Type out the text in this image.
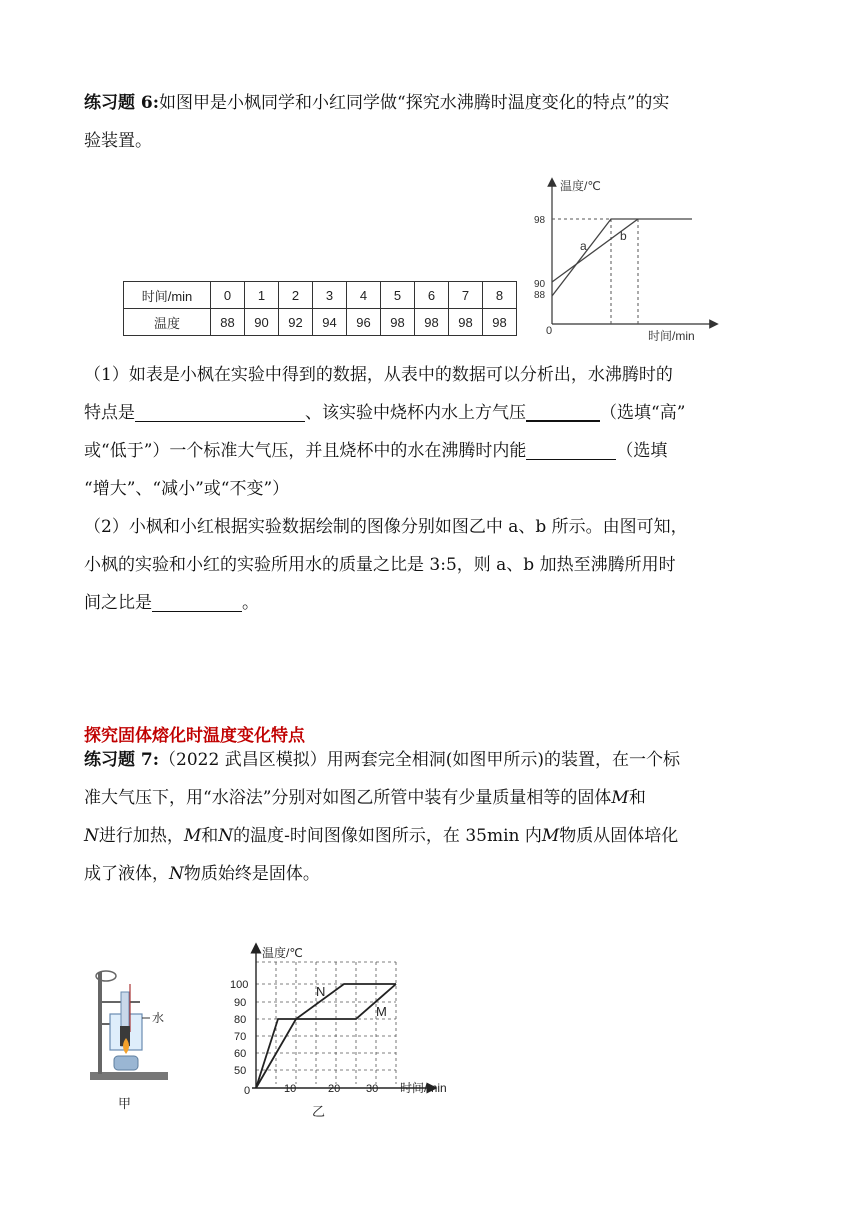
练习题 6:如图甲是小枫同学和小红同学做“探究水沸腾时温度变化的特点”的实
验装置。

时间/min	0	1	2	3	4	5	6	7	8
温度	88	90	92	94	96	98	98	98	98
温度/℃
时间/min
0
98
90
88
a
b

（1）如表是小枫在实验中得到的数据，从表中的数据可以分析出，水沸腾时的
特点是	、该实验中烧杯内水上方气压	（选填“高”
或“低于”）一个标准大气压，并且烧杯中的水在沸腾时内能	（选填
“增大”、“减小”或“不变”）

（2）小枫和小红根据实验数据绘制的图像分别如图乙中 a、b 所示。由图可知，
小枫的实验和小红的实验所用水的质量之比是 3:5，则 a、b 加热至沸腾所用时
间之比是	。

探究固体熔化时温度变化特点

练习题 7:（2022 武昌区模拟）用两套完全相洞(如图甲所示)的装置，在一个标
准大气压下，用“水浴法”分别对如图乙所管中装有少量质量相等的固体M和
N进行加热，M和N的温度-时间图像如图所示，在 35min 内M物质从固体培化
成了液体，N物质始终是固体。

水
甲
温度/℃
时间/min
0	10	20 30
100
90
80
70
60
50
N
M
乙
